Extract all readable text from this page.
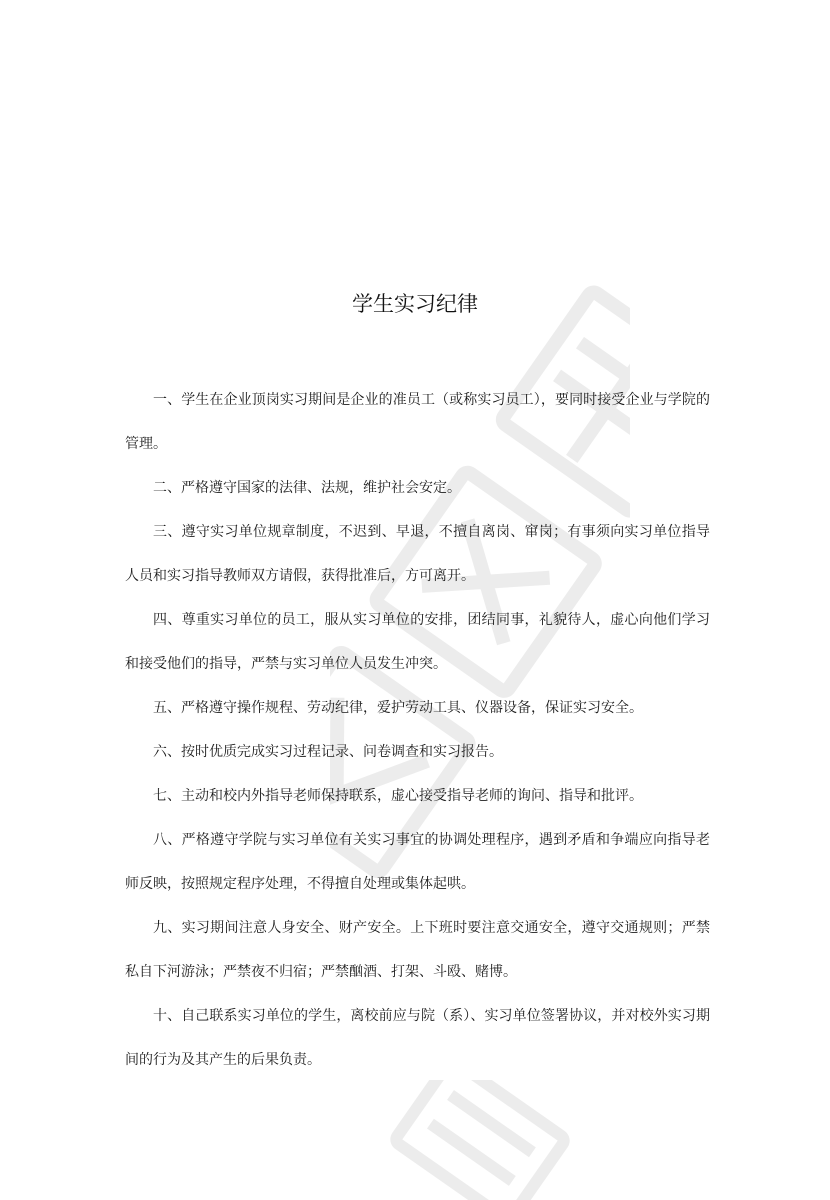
学生实习纪律

一、学生在企业顶岗实习期间是企业的准员工（或称实习员工），要同时接受企业与学院的管理。

二、严格遵守国家的法律、法规，维护社会安定。

三、遵守实习单位规章制度，不迟到、早退，不擅自离岗、窜岗；有事须向实习单位指导人员和实习指导教师双方请假，获得批准后，方可离开。

四、尊重实习单位的员工，服从实习单位的安排，团结同事，礼貌待人，虚心向他们学习和接受他们的指导，严禁与实习单位人员发生冲突。

五、严格遵守操作规程、劳动纪律，爱护劳动工具、仪器设备，保证实习安全。

六、按时优质完成实习过程记录、问卷调查和实习报告。

七、主动和校内外指导老师保持联系，虚心接受指导老师的询问、指导和批评。

八、严格遵守学院与实习单位有关实习事宜的协调处理程序，遇到矛盾和争端应向指导老师反映，按照规定程序处理，不得擅自处理或集体起哄。

九、实习期间注意人身安全、财产安全。上下班时要注意交通安全，遵守交通规则；严禁私自下河游泳；严禁夜不归宿；严禁酗酒、打架、斗殴、赌博。

十、自己联系实习单位的学生，离校前应与院（系）、实习单位签署协议，并对校外实习期间的行为及其产生的后果负责。
